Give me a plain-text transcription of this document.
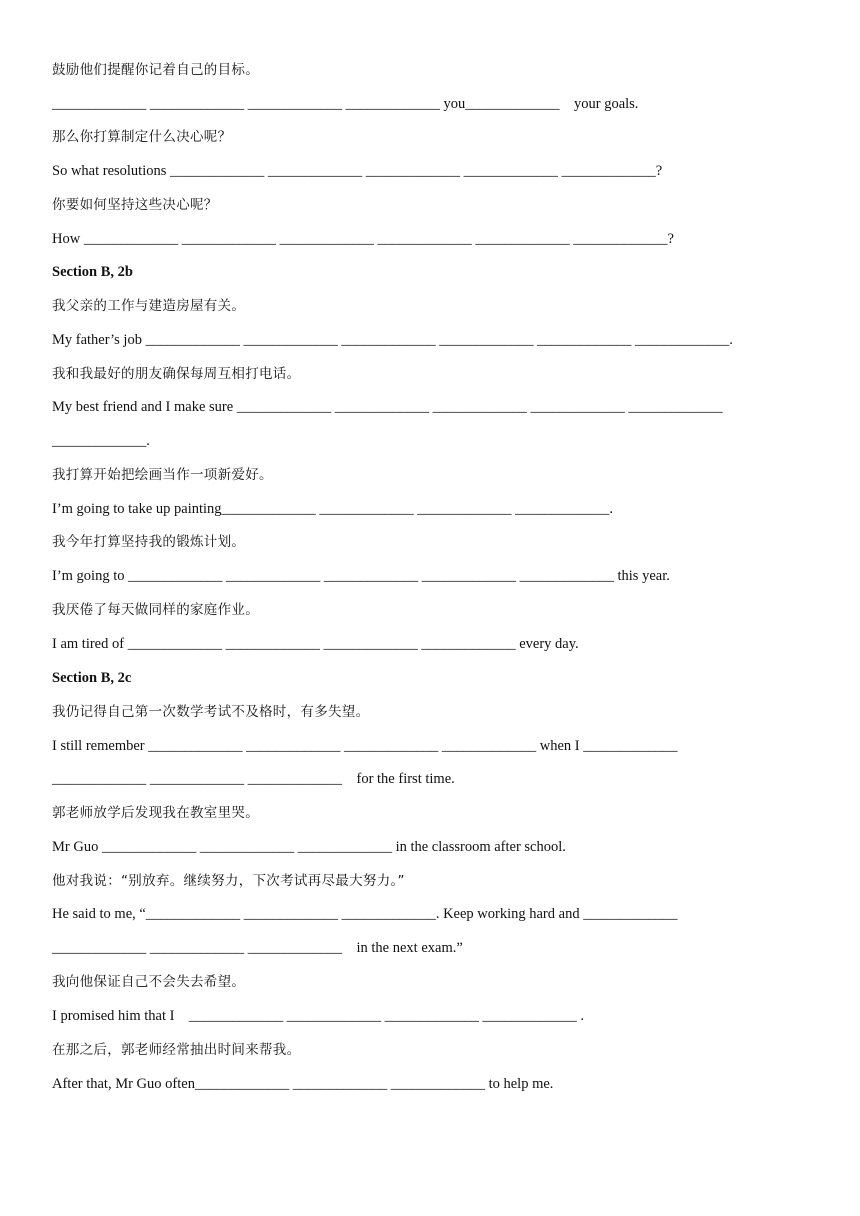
鼓励他们提醒你记着自己的目标。
_____________ _____________ _____________ _____________ you_____________    your goals.
那么你打算制定什么决心呢？
So what resolutions _____________ _____________ _____________ _____________ _____________?
你要如何坚持这些决心呢？
How _____________ _____________ _____________ _____________ _____________ _____________?
Section B, 2b
我父亲的工作与建造房屋有关。
My father’s job _____________ _____________ _____________ _____________ _____________ _____________.
我和我最好的朋友确保每周互相打电话。
My best friend and I make sure _____________ _____________ _____________ _____________ _____________
_____________.
我打算开始把绘画当作一项新爱好。
I’m going to take up painting_____________ _____________ _____________ _____________.
我今年打算坚持我的锻炼计划。
I’m going to _____________ _____________ _____________ _____________ _____________ this year.
我厌倦了每天做同样的家庭作业。
I am tired of _____________ _____________ _____________ _____________ every day.
Section B, 2c
我仍记得自己第一次数学考试不及格时，有多失望。
I still remember _____________ _____________ _____________ _____________ when I _____________
_____________ _____________ _____________    for the first time.
郭老师放学后发现我在教室里哭。
Mr Guo _____________ _____________ _____________ in the classroom after school.
他对我说：“别放弃。继续努力，下次考试再尽最大努力。”
He said to me, “_____________ _____________ _____________. Keep working hard and _____________
_____________ _____________ _____________    in the next exam.”
我向他保证自己不会失去希望。
I promised him that I    _____________ _____________ _____________ _____________ .
在那之后，郭老师经常抽出时间来帮我。
After that, Mr Guo often_____________ _____________ _____________ to help me.
